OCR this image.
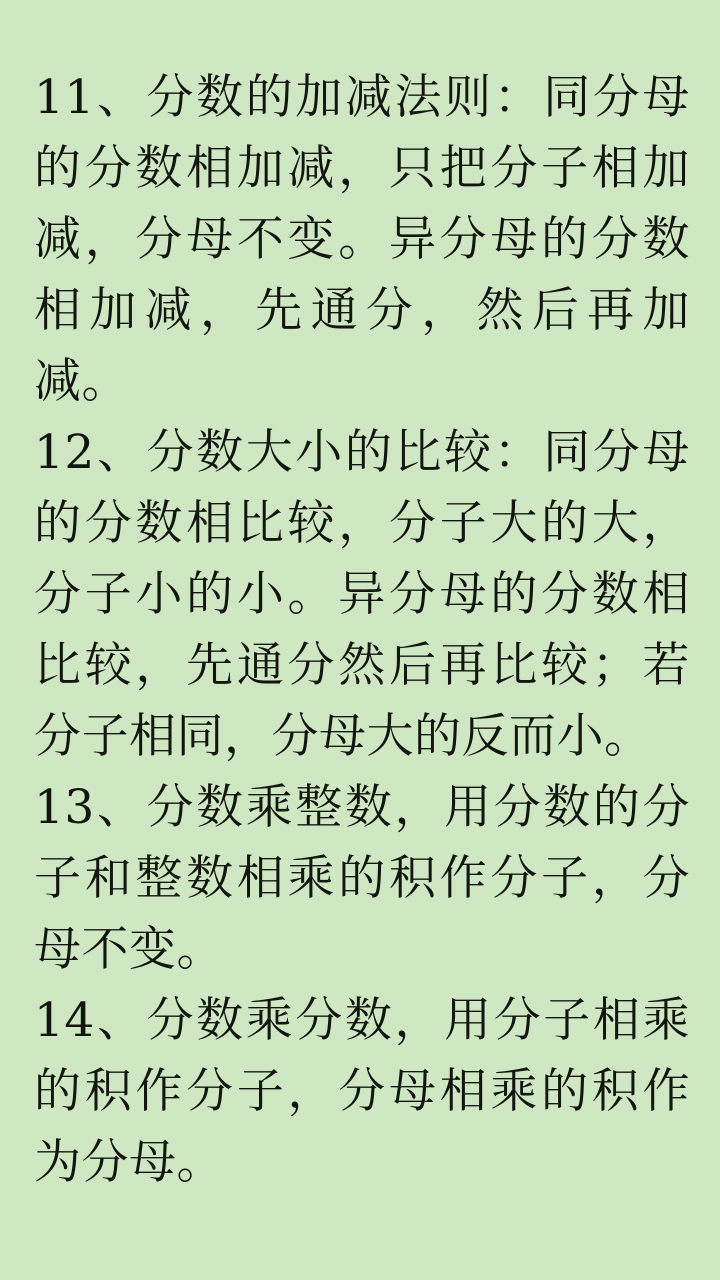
11、分数的加减法则：同分母的分数相加减，只把分子相加减，分母不变。异分母的分数相加减，先通分，然后再加减。

12、分数大小的比较：同分母的分数相比较，分子大的大，分子小的小。异分母的分数相比较，先通分然后再比较；若分子相同，分母大的反而小。

13、分数乘整数，用分数的分子和整数相乘的积作分子，分母不变。

14、分数乘分数，用分子相乘的积作分子，分母相乘的积作为分母。
